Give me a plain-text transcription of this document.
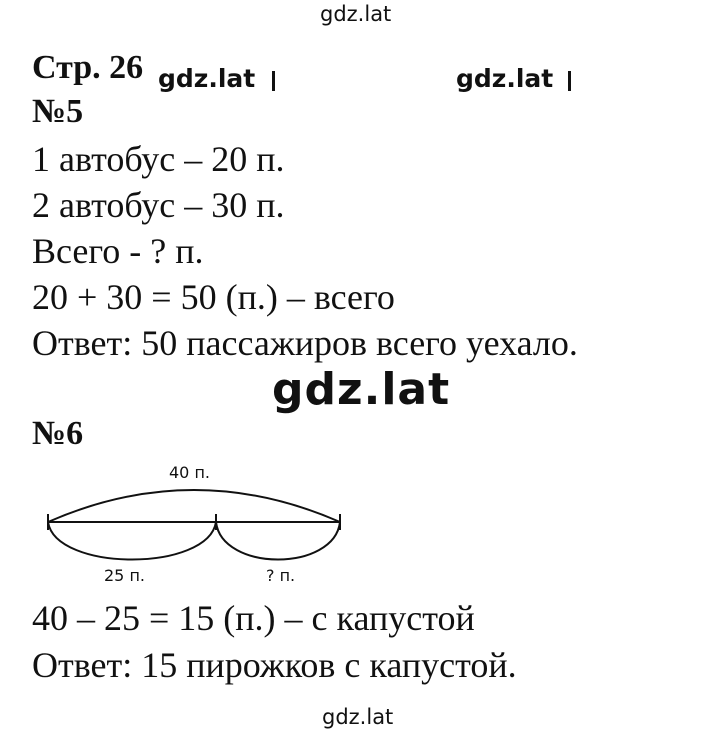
gdz.lat
Стр. 26 gdz.lat	gdz.lat
№5
1 автобус – 20 п.
2 автобус – 30 п.
Всего - ? п.
20 + 30 = 50 (п.) – всего
Ответ: 50 пассажиров всего уехало.
gdz.lat
№6
40 п.
25 п.	? п.
40 – 25 = 15 (п.) – с капустой
Ответ: 15 пирожков с капустой.
gdz.lat
